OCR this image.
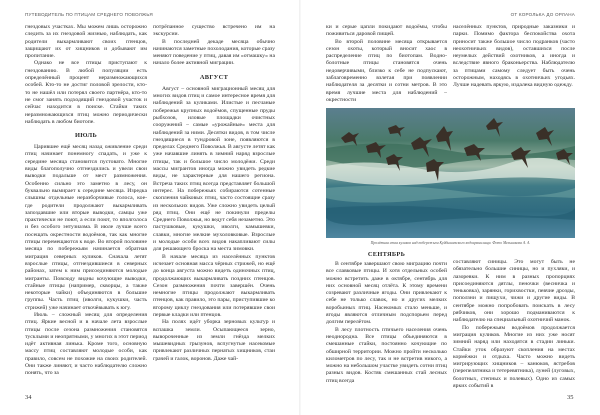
ПУТЕВОДИТЕЛЬ ПО ПТИЦАМ СРЕДНЕГО ПОВОЛЖЬЯ

гнездовых участках. Мы можем лишь осторожно следить за их гнездовой жизнью, наблюдать, как родители выкармливают своих птенцов, защищают их от хищников и добывают им пропитание.

Однако не все птицы приступают к гнездованию. В любой популяции есть определённый процент неразмножающихся особей. Кто-то не достиг половой зрелости, кто-то не нашёл или потерял своего партнёра, кто-то не смог занять подходящий гнездовой участок и сейчас находится в поиске. Стайки таких неразмножающихся птиц можно периодически наблюдать в любом биотопе.

ИЮЛЬ

Царившее ещё месяц назад оживление среди птиц начинает понемногу спадать, и уже к середине месяца становится пустовато. Многие виды благополучно отгнездились и увели свои выводки подальше от мест размножения. Особенно сильно это заметно в лесу, он буквально вымирает к середине месяца. Изредка слышны отдельные неразборчивые голоса, кое-где родители продолжают выкармливать запоздавшие или вторые выводки, самцы уже практически не поют, а если поют, то вполголоса и без особого энтузиазма. В июле лучше всего посещать окрестности водоёмов, так как многие птицы перемещаются к воде. Во второй половине месяца по побережьям начинается обратная миграция северных куликов. Сначала летят взрослые птицы, отгнездившиеся в северных районах, затем к ним присоединяются молодые мигранты. Повсюду видны кочующие выводки, стайные птицы (например, скворцы, а также некоторые чайки) объединяются в большие группы. Часть птиц (иволги, кукушки, часть стрижей) уже начинает откочёвывать к югу.

Июль – сложный месяц для определения птиц. Яркие весной и в начале лета взрослые птицы после сезона размножения становятся тусклыми и неопрятными, у многих в этот период идёт активная линька. Кроме того, основную массу птиц составляют молодые особи, как правило, совсем не похожие на своих родителей. Они также линяют, и часто наблюдателю сложно понять, что за

потрёпанное существо встречено им на экскурсии.

В последней декаде месяца обычно начинаются заметные похолодания, которые сразу меняют поведение у птиц, давая им «отмашку» на начало более активной миграции.

АВГУСТ

Август – основной миграционный месяц для многих видов птиц и самое интересное время для наблюдений за куликами. Илистые и песчаные побережья крупных водоёмов, спущенные пруды рыбхозов, иловые площадки очистных сооружений – самые «урожайные» места для наблюдений за ними. Десятки видов, в том числе гнездящиеся в тундровой зоне, появляются в пределах Среднего Поволжья. В августе летят как уже начавшие линять в зимний наряд взрослые птицы, так и большое число молодёжи. Среди массы мигрантов иногда можно увидеть редкие виды, не характерные для нашего региона. Встреча таких птиц всегда представляет большой интерес. На побережьях собираются сотенные скопления чайковых птиц, часто состоящие сразу из нескольких видов. Уже сложно увидеть целый ряд птиц. Они ещё не покинули пределы Среднего Поволжья, но ведут себя незаметно. Это пастушковые, кукушки, иволги, камышевки, славки, многие мелкие мухоловковые. Взрослые и молодые особи всех видов накапливают силы для решающего броска на места зимовки.

В начале месяца из населённых пунктов исчезает основная масса чёрных стрижей, но ещё до конца августа можно видеть одиночных птиц, продолжающих выкармливать поздних птенцов. Сезон размножения почти завершён. Очень немногие птицы продолжают выкармливать птенцов, как правило, это пары, приступившие ко второму циклу гнездования или потерявшие свои первые кладки или птенцов.

На полях идёт уборка зерновых культур и вспашка земли. Осыпающееся зерно, вывороченные из земли гнёзда мелких мышевидных грызунов, вспугнутые насекомые привлекают различных пернатых хищников, стаи грачей и галок, воронов. Даже чай-

34
ОТ КОРОЛЬКА ДО ОРЛАНА

ки и серые цапли покидают водоёмы, чтобы поживиться даровой пищей.

Во второй половине месяца открывается сезон охоты, который вносит хаос в распределение птиц по биотопам. Водно-болотные птицы становятся очень недоверчивыми, близко к себе не подпускают, заблаговременно взлетая при появлении наблюдателя за десятки и сотни метров. В это время лучшие места для наблюдений – окрестности

населённых пунктов, природные заказники и парки. Помимо фактора беспокойства охота приносит также большое число подранков (часто неохотничьих видов), оставшихся после неумелых действий охотников, а иногда и вследствие явного браконьерства. Наблюдателю за птицами самому следует быть очень осторожным, находясь в охотничьих угодьях. Лучше надевать яркую, издалека видную одежду.

Пролётная стая куликов над побережьем Куйбышевского водохранилища. Фото Мельникова А. А.
СЕНТЯБРЬ

В сентябре завершают свою миграцию почти все славковые птицы. И хотя отдельных особей можно встретить даже в октябре, сентябрь для них основной месяц отлёта. К этому времени созревают различные ягоды. Они привлекают к себе не только славок, но и других мелких воробьиных птиц. Насекомых стало меньше, и ягоды являются отличным подспорьем перед долгим перелётом.

В лесу плотность птичьего населения очень неоднородна. Все птицы объединяются в смешанные стайки, постоянно кочующие по обширной территории. Можно пройти несколько километров по лесу, так и не встретив никого, а можно на небольшом участке увидеть сотни птиц разных видов. Костяк смешанных стай лесных птиц всегда

составляют синицы. Это могут быть не обязательно большие синицы, но и пухляки, и лазоревки. К ним в разных пропорциях присоединяются дятлы, пеночки (весничка и теньковка), зарянки, горихвостки, певчие дрозды, поползни и пищухи, чижи и другие виды. В сентябре можно попробовать поискать в лесу рябчиков, они хорошо подманиваются к наблюдателю на специальный охотничий манок.

По побережьям водоёмов продолжается миграция куликов. Многие из них уже носят зимний наряд или находятся в стадии линьки. Стайки уток образуют скопления на местах кормёжки и отдыха. Часто можно видеть мигрирующих хищников – канюков, ястребов (перепелятника и тетеревятника), луней (луговых, болотных, степных и полевых). Одно из самых ярких событий в

35
